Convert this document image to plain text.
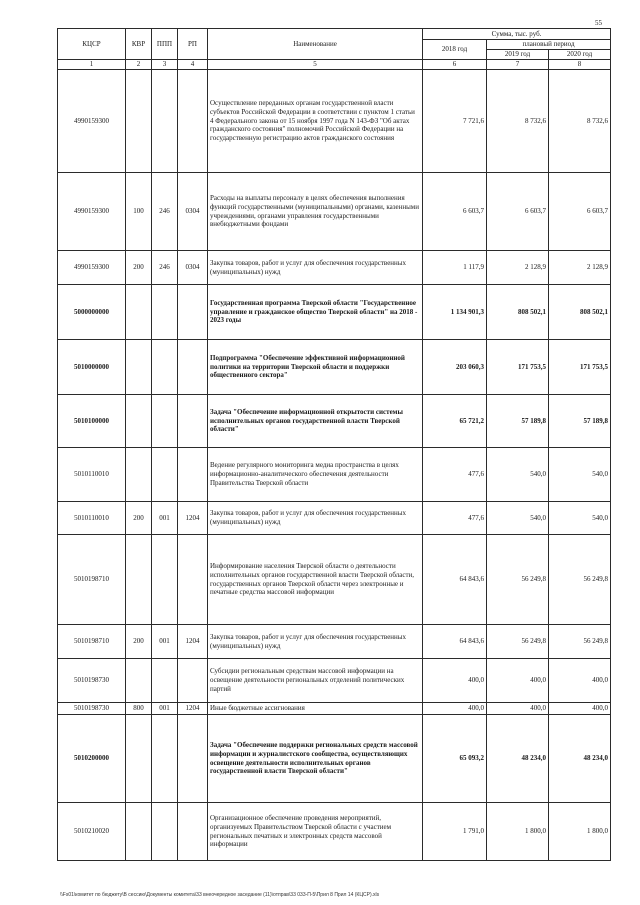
55
КЦСР	КВР	ППП	РП	Наименование	Сумма, тыс. руб.		
					2018 год	плановый период	
						2019 год	2020 год
1	2	3	4	5	6	7	8
4990159300				Осуществление переданных органам государственной власти субъектов Российской Федерации в соответствии с пунктом 1 статьи 4 Федерального закона от 15 ноября 1997 года N 143-ФЗ "Об актах гражданского состояния" полномочий Российской Федерации на государственную регистрацию актов гражданского состояния	7 721,6	8 732,6	8 732,6
4990159300	100	246	0304	Расходы на выплаты персоналу в целях обеспечения выполнения функций государственными (муниципальными) органами, казенными учреждениями, органами управления государственными внебюджетными фондами	6 603,7	6 603,7	6 603,7
4990159300	200	246	0304	Закупка товаров, работ и услуг для обеспечения государственных (муниципальных) нужд	1 117,9	2 128,9	2 128,9
5000000000				Государственная программа Тверской области "Государственное управление и гражданское общество Тверской области" на 2018 - 2023 годы	1 134 901,3	808 502,1	808 502,1
5010000000				Подпрограмма "Обеспечение эффективной информационной политики на территории Тверской области и поддержки общественного сектора"	203 060,3	171 753,5	171 753,5
5010100000				Задача "Обеспечение информационной открытости системы исполнительных органов государственной власти Тверской области"	65 721,2	57 189,8	57 189,8
5010110010				Ведение регулярного мониторинга медиа пространства в целях информационно-аналитического обеспечения деятельности Правительства Тверской области	477,6	540,0	540,0
5010110010	200	001	1204	Закупка товаров, работ и услуг для обеспечения государственных (муниципальных) нужд	477,6	540,0	540,0
5010198710				Информирование населения Тверской области о деятельности исполнительных органов государственной власти Тверской области, государственных органов Тверской области через электронные и печатные средства массовой информации	64 843,6	56 249,8	56 249,8
5010198710	200	001	1204	Закупка товаров, работ и услуг для обеспечения государственных (муниципальных) нужд	64 843,6	56 249,8	56 249,8
5010198730				Субсидии региональным средствам массовой информации на освещение деятельности региональных отделений политических партий	400,0	400,0	400,0
5010198730	800	001	1204	Иные бюджетные ассигнования	400,0	400,0	400,0
5010200000				Задача "Обеспечение поддержки региональных средств массовой информации и журналистского сообщества, осуществляющих освещение деятельности исполнительных органов государственной власти Тверской области"	65 093,2	48 234,0	48 234,0
5010210020				Организационное обеспечение проведения мероприятий, организуемых Правительством Тверской области с участием региональных печатных и электронных средств массовой информации	1 791,0	1 800,0	1 800,0
\\Fs01\комитет по бюджету\В сессию\Документы комитета\33 внеочередное заседание (11)\отправ\33 033-П-5\Прил 8 Прил 14 (КЦСР).xls
